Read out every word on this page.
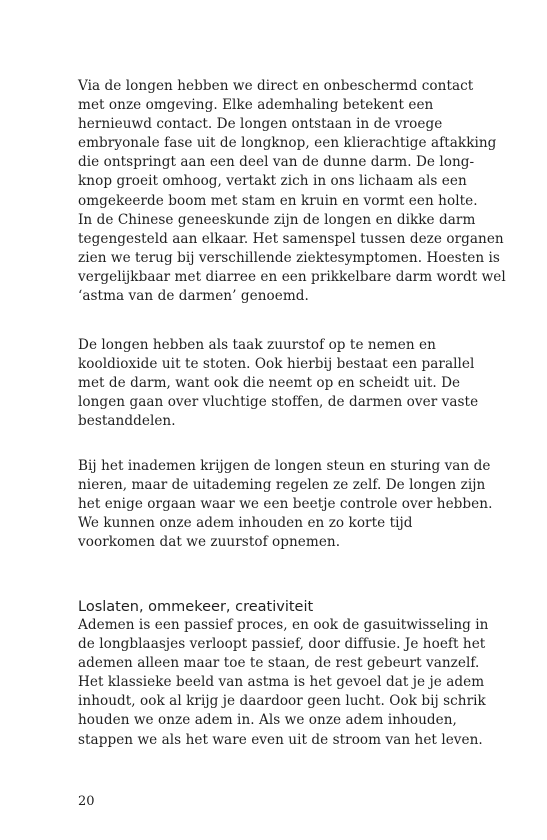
Via de longen hebben we direct en onbeschermd contact
met onze omgeving. Elke ademhaling betekent een
hernieuwd contact. De longen ontstaan in de vroege
embryonale fase uit de longknop, een klierachtige aftakking
die ontspringt aan een deel van de dunne darm. De long-
knop groeit omhoog, vertakt zich in ons lichaam als een
omgekeerde boom met stam en kruin en vormt een holte.
In de Chinese geneeskunde zijn de longen en dikke darm
tegengesteld aan elkaar. Het samenspel tussen deze organen
zien we terug bij verschillende ziektesymptomen. Hoesten is
vergelijkbaar met diarree en een prikkelbare darm wordt wel
‘astma van de darmen’ genoemd.
De longen hebben als taak zuurstof op te nemen en
kooldioxide uit te stoten. Ook hierbij bestaat een parallel
met de darm, want ook die neemt op en scheidt uit. De
longen gaan over vluchtige stoffen, de darmen over vaste
bestanddelen.
Bij het inademen krijgen de longen steun en sturing van de
nieren, maar de uitademing regelen ze zelf. De longen zijn
het enige orgaan waar we een beetje controle over hebben.
We kunnen onze adem inhouden en zo korte tijd
voorkomen dat we zuurstof opnemen.
Loslaten, ommekeer, creativiteit
Ademen is een passief proces, en ook de gasuitwisseling in
de longblaasjes verloopt passief, door diffusie. Je hoeft het
ademen alleen maar toe te staan, de rest gebeurt vanzelf.
Het klassieke beeld van astma is het gevoel dat je je adem
inhoudt, ook al krijg je daardoor geen lucht. Ook bij schrik
houden we onze adem in. Als we onze adem inhouden,
stappen we als het ware even uit de stroom van het leven.
20
